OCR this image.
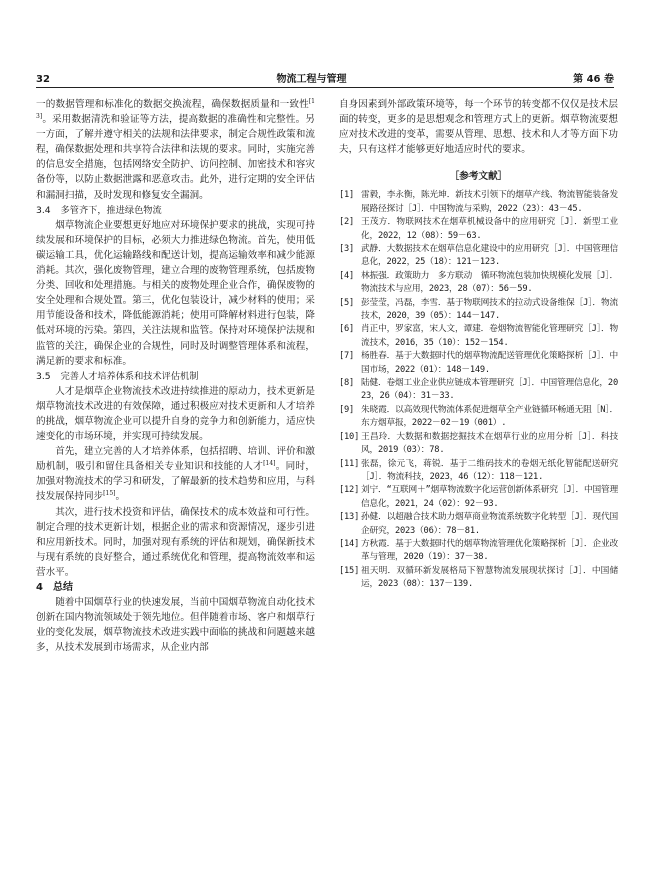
32	物流工程与管理	第 46 卷

一的数据管理和标准化的数据交换流程，确保数据质量和一致性[13]。采用数据清洗和验证等方法，提高数据的准确性和完整性。另一方面，了解并遵守相关的法规和法律要求，制定合规性政策和流程，确保数据处理和共享符合法律和法规的要求。同时，实施完善的信息安全措施，包括网络安全防护、访问控制、加密技术和容灾备份等，以防止数据泄露和恶意攻击。此外，进行定期的安全评估和漏洞扫描，及时发现和修复安全漏洞。

3.4 多管齐下，推进绿色物流

烟草物流企业要想更好地应对环境保护要求的挑战，实现可持续发展和环境保护的目标，必须大力推进绿色物流。首先，使用低碳运输工具，优化运输路线和配送计划，提高运输效率和减少能源消耗。其次，强化废物管理，建立合理的废物管理系统，包括废物分类、回收和处理措施。与相关的废物处理企业合作，确保废物的安全处理和合规处置。第三，优化包装设计，减少材料的使用；采用节能设备和技术，降低能源消耗；使用可降解材料进行包装，降低对环境的污染。第四，关注法规和监管。保持对环境保护法规和监管的关注，确保企业的合规性，同时及时调整管理体系和流程，满足新的要求和标准。

3.5 完善人才培养体系和技术评估机制

人才是烟草企业物流技术改进持续推进的原动力，技术更新是烟草物流技术改进的有效保障，通过积极应对技术更新和人才培养的挑战，烟草物流企业可以提升自身的竞争力和创新能力，适应快速变化的市场环境，并实现可持续发展。

首先，建立完善的人才培养体系，包括招聘、培训、评价和激励机制，吸引和留住具备相关专业知识和技能的人才[14]。同时，加强对物流技术的学习和研发，了解最新的技术趋势和应用，与科技发展保持同步[15]。

其次，进行技术投资和评估，确保技术的成本效益和可行性。制定合理的技术更新计划，根据企业的需求和资源情况，逐步引进和应用新技术。同时，加强对现有系统的评估和规划，确保新技术与现有系统的良好整合，通过系统优化和管理，提高物流效率和运营水平。

4 总结

随着中国烟草行业的快速发展，当前中国烟草物流自动化技术创新在国内物流领域处于领先地位。但伴随着市场、客户和烟草行业的变化发展，烟草物流技术改进实践中面临的挑战和问题越来越多，从技术发展到市场需求，从企业内部

自身因素到外部政策环境等，每一个环节的转变都不仅仅是技术层面的转变，更多的是思想观念和管理方式上的更新。烟草物流要想应对技术改进的变革，需要从管理、思想、技术和人才等方面下功夫，只有这样才能够更好地适应时代的要求。

［参考文献］
[1] 雷毅，李永衡，陈光坤．新技术引领下的烟草产线、物流智能装备发展路径探讨［J］．中国物流与采购，2022（23）：43－45.
[2] 王茂方．物联网技术在烟草机械设备中的应用研究［J］．新型工业化，2022，12（08）：59－63.
[3] 武静．大数据技术在烟草信息化建设中的应用研究［J］．中国管理信息化，2022，25（18）：121－123.
[4] 林振强．政策助力　多方联动　循环物流包装加快规模化发展［J］．物流技术与应用，2023，28（07）：56－59.
[5] 彭莹莹，冯磊，李雪．基于物联网技术的拉动式设备维保［J］．物流技术，2020，39（05）：144－147.
[6] 肖正中，罗家富，宋人文，谭建．卷烟物流智能化管理研究［J］．物流技术，2016，35（10）：152－154.
[7] 杨胜春．基于大数据时代的烟草物流配送管理优化策略探析［J］．中国市场，2022（01）：148－149.
[8] 陆健．卷烟工业企业供应链成本管理研究［J］．中国管理信息化，2023，26（04）：31－33.
[9] 朱晓霞．以高效现代物流体系促进烟草全产业链循环畅通无阻［N］．东方烟草报，2022－02－19（001）.
[10] 王昌玲．大数据和数据挖掘技术在烟草行业的应用分析［J］．科技风，2019（03）：78.
[11] 张磊，徐元飞，蒋锐．基于二维码技术的卷烟无纸化智能配送研究［J］．物流科技，2023，46（12）：118－121.
[12] 刘宁．“互联网＋”烟草物流数字化运营创新体系研究［J］．中国管理信息化，2021，24（02）：92－93.
[13] 孙健．以超融合技术助力烟草商业物流系统数字化转型［J］．现代国企研究，2023（06）：78－81.
[14] 方秋霞．基于大数据时代的烟草物流管理优化策略探析［J］．企业改革与管理，2020（19）：37－38.
[15] 祖天明．双循环新发展格局下智慧物流发展现状探讨［J］．中国储运，2023（08）：137－139.
